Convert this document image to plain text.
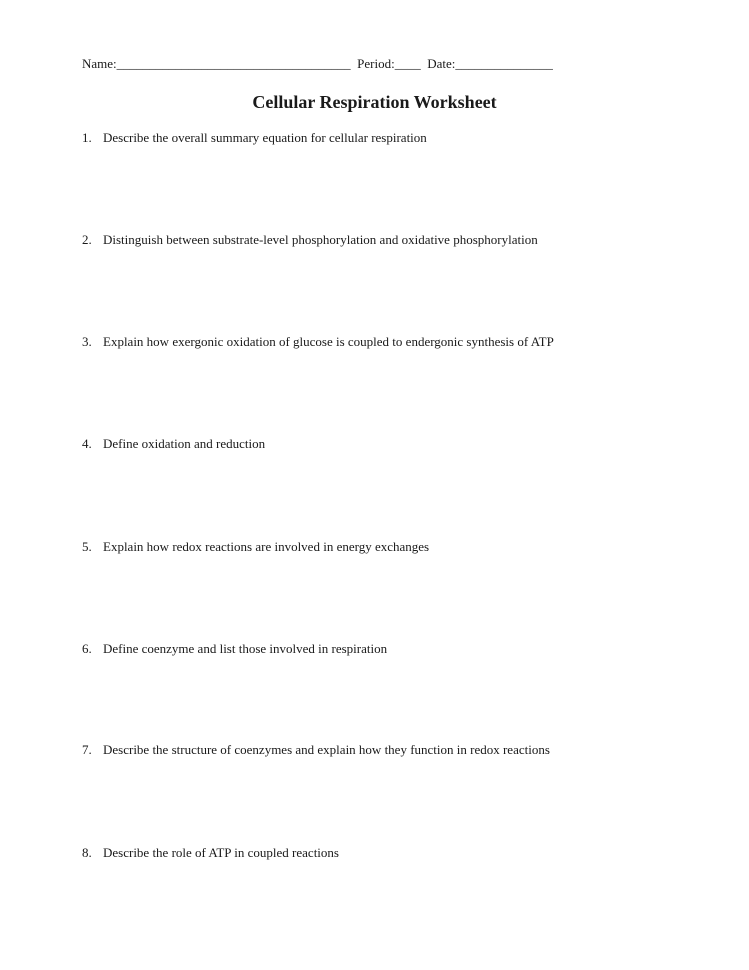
Name:____________________________________ Period:____ Date:_______________
Cellular Respiration Worksheet
1. Describe the overall summary equation for cellular respiration
2. Distinguish between substrate-level phosphorylation and oxidative phosphorylation
3. Explain how exergonic oxidation of glucose is coupled to endergonic synthesis of ATP
4. Define oxidation and reduction
5. Explain how redox reactions are involved in energy exchanges
6. Define coenzyme and list those involved in respiration
7. Describe the structure of coenzymes and explain how they function in redox reactions
8. Describe the role of ATP in coupled reactions
